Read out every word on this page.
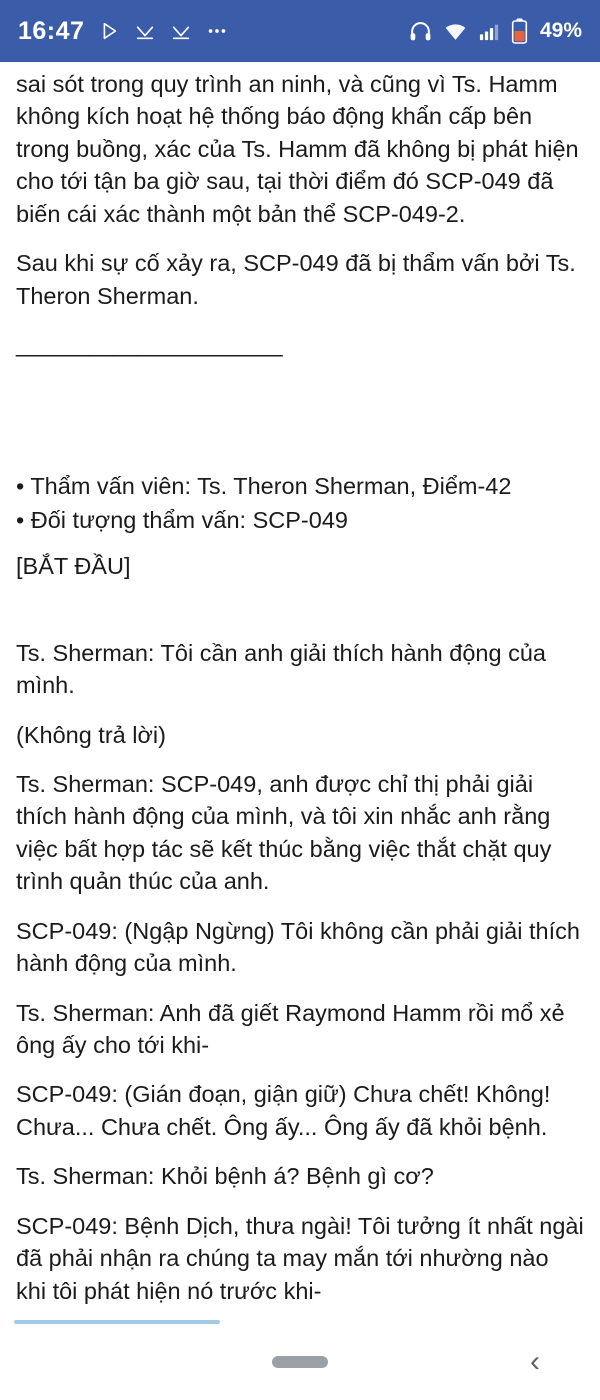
16:47	49%

sai sót trong quy trình an ninh, và cũng vì Ts. Hamm không kích hoạt hệ thống báo động khẩn cấp bên trong buồng, xác của Ts. Hamm đã không bị phát hiện cho tới tận ba giờ sau, tại thời điểm đó SCP-049 đã biến cái xác thành một bản thể SCP-049-2.

Sau khi sự cố xảy ra, SCP-049 đã bị thẩm vấn bởi Ts. Theron Sherman.

______________________
• Thẩm vấn viên: Ts. Theron Sherman, Điểm-42
• Đối tượng thẩm vấn: SCP-049
[BẮT ĐẦU]

Ts. Sherman: Tôi cần anh giải thích hành động của mình.

(Không trả lời)

Ts. Sherman: SCP-049, anh được chỉ thị phải giải thích hành động của mình, và tôi xin nhắc anh rằng việc bất hợp tác sẽ kết thúc bằng việc thắt chặt quy trình quản thúc của anh.

SCP-049: (Ngập Ngừng) Tôi không cần phải giải thích hành động của mình.

Ts. Sherman: Anh đã giết Raymond Hamm rồi mổ xẻ ông ấy cho tới khi-

SCP-049: (Gián đoạn, giận giữ) Chưa chết! Không! Chưa... Chưa chết. Ông ấy... Ông ấy đã khỏi bệnh.

Ts. Sherman: Khỏi bệnh á? Bệnh gì cơ?

SCP-049: Bệnh Dịch, thưa ngài! Tôi tưởng ít nhất ngài đã phải nhận ra chúng ta may mắn tới nhường nào khi tôi phát hiện nó trước khi-

‹
